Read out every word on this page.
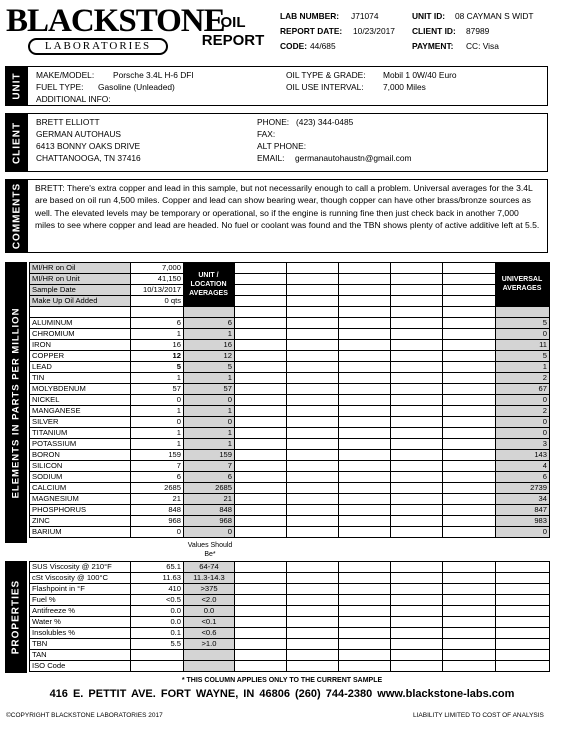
BLACKSTONE
LABORATORIES
OIL
REPORT
LAB NUMBER: J71074
REPORT DATE: 10/23/2017
CODE: 44/685
UNIT ID: 08 CAYMAN S WIDT
CLIENT ID: 87989
PAYMENT: CC: Visa
UNIT MAKE/MODEL: Porsche 3.4L H-6 DFI
FUEL TYPE: Gasoline (Unleaded)
ADDITIONAL INFO:
OIL TYPE & GRADE: Mobil 1 0W/40 Euro
OIL USE INTERVAL: 7,000 Miles
CLIENT BRETT ELLIOTT
GERMAN AUTOHAUS
6413 BONNY OAKS DRIVE
CHATTANOOGA, TN 37416
PHONE: (423) 344-0485
FAX:
ALT PHONE:
EMAIL: germanautohaustn@gmail.com
COMMENTS BRETT: There's extra copper and lead in this sample, but not necessarily enough to call a problem. Universal averages for the 3.4L are based on oil run 4,500 miles. Copper and lead can show bearing wear, though copper can have other brass/bronze sources as well. The elevated levels may be temporary or operational, so if the engine is running fine then just check back in another 7,000 miles to see where copper and lead are headed. No fuel or coolant was found and the TBN shows plenty of active additive left at 5.5.
ELEMENTS IN PARTS PER MILLION
MI/HR on Oil	7,000							
MI/HR on Unit	41,150							
Sample Date	10/13/2017							
Make Up Oil Added	0 qts							

ALUMINUM	6	6						5
CHROMIUM	1	1						0
IRON	16	16						11
COPPER	12	12						5
LEAD	5	5						1
TIN	1	1						2
MOLYBDENUM	57	57						67
NICKEL	0	0						0
MANGANESE	1	1						2
SILVER	0	0						0
TITANIUM	1	1						0
POTASSIUM	1	1						3
BORON	159	159						143
SILICON	7	7						4
SODIUM	6	6						6
CALCIUM	2685	2685						2739
MAGNESIUM	21	21						34
PHOSPHORUS	848	848						847
ZINC	968	968						983
BARIUM	0	0						0
UNIT / LOCATION AVERAGES
UNIVERSAL AVERAGES
Values Should Be*
PROPERTIES
SUS Viscosity @ 210°F	65.1	64-74						
cSt Viscosity @ 100°C	11.63	11.3-14.3						
Flashpoint in °F	410	>375						
Fuel %	<0.5	<2.0						
Antifreeze %	0.0	0.0						
Water %	0.0	<0.1						
Insolubles %	0.1	<0.6						
TBN	5.5	>1.0						
TAN								
ISO Code								
* THIS COLUMN APPLIES ONLY TO THE CURRENT SAMPLE
416 E. PETTIT AVE. FORT WAYNE, IN 46806 (260) 744-2380 www.blackstone-labs.com
©COPYRIGHT BLACKSTONE LABORATORIES 2017	LIABILITY LIMITED TO COST OF ANALYSIS
